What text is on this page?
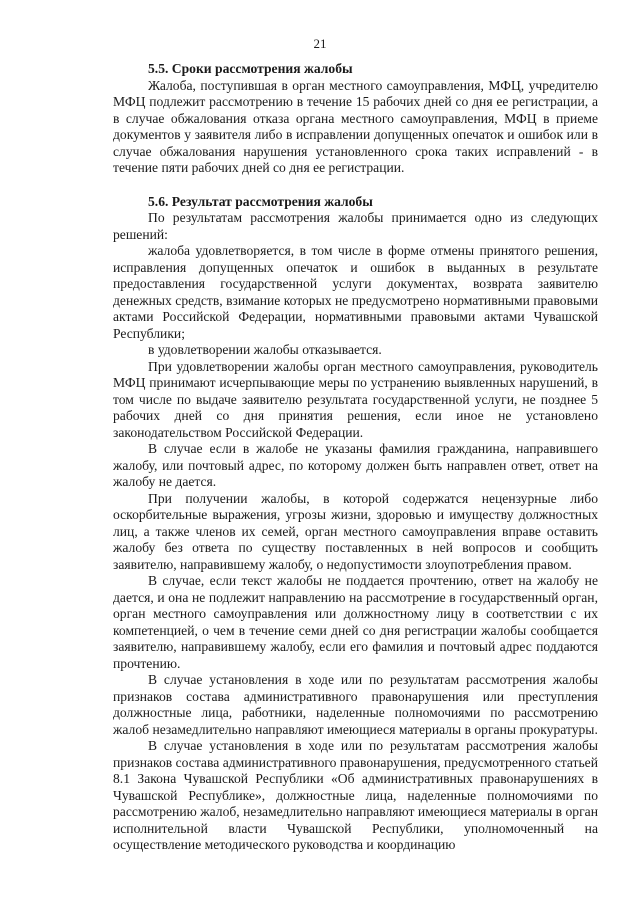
21
5.5. Сроки рассмотрения жалобы

Жалоба, поступившая в орган местного самоуправления, МФЦ, учредителю МФЦ подлежит рассмотрению в течение 15 рабочих дней со дня ее регистрации, а в случае обжалования отказа органа местного самоуправления, МФЦ в приеме документов у заявителя либо в исправлении допущенных опечаток и ошибок или в случае обжалования нарушения установленного срока таких исправлений - в течение пяти рабочих дней со дня ее регистрации.

5.6. Результат рассмотрения жалобы

По результатам рассмотрения жалобы принимается одно из следующих решений:

жалоба удовлетворяется, в том числе в форме отмены принятого решения, исправления допущенных опечаток и ошибок в выданных в результате предоставления государственной услуги документах, возврата заявителю денежных средств, взимание которых не предусмотрено нормативными правовыми актами Российской Федерации, нормативными правовыми актами Чувашской Республики;

в удовлетворении жалобы отказывается.

При удовлетворении жалобы орган местного самоуправления, руководитель МФЦ принимают исчерпывающие меры по устранению выявленных нарушений, в том числе по выдаче заявителю результата государственной услуги, не позднее 5 рабочих дней со дня принятия решения, если иное не установлено законодательством Российской Федерации.

В случае если в жалобе не указаны фамилия гражданина, направившего жалобу, или почтовый адрес, по которому должен быть направлен ответ, ответ на жалобу не дается.

При получении жалобы, в которой содержатся нецензурные либо оскорбительные выражения, угрозы жизни, здоровью и имуществу должностных лиц, а также членов их семей, орган местного самоуправления вправе оставить жалобу без ответа по существу поставленных в ней вопросов и сообщить заявителю, направившему жалобу, о недопустимости злоупотребления правом.

В случае, если текст жалобы не поддается прочтению, ответ на жалобу не дается, и она не подлежит направлению на рассмотрение в государственный орган, орган местного самоуправления или должностному лицу в соответствии с их компетенцией, о чем в течение семи дней со дня регистрации жалобы сообщается заявителю, направившему жалобу, если его фамилия и почтовый адрес поддаются прочтению.

В случае установления в ходе или по результатам рассмотрения жалобы признаков состава административного правонарушения или преступления должностные лица, работники, наделенные полномочиями по рассмотрению жалоб незамедлительно направляют имеющиеся материалы в органы прокуратуры.

В случае установления в ходе или по результатам рассмотрения жалобы признаков состава административного правонарушения, предусмотренного статьей 8.1 Закона Чувашской Республики «Об административных правонарушениях в Чувашской Республике», должностные лица, наделенные полномочиями по рассмотрению жалоб, незамедлительно направляют имеющиеся материалы в орган исполнительной власти Чувашской Республики, уполномоченный на осуществление методического руководства и координацию
